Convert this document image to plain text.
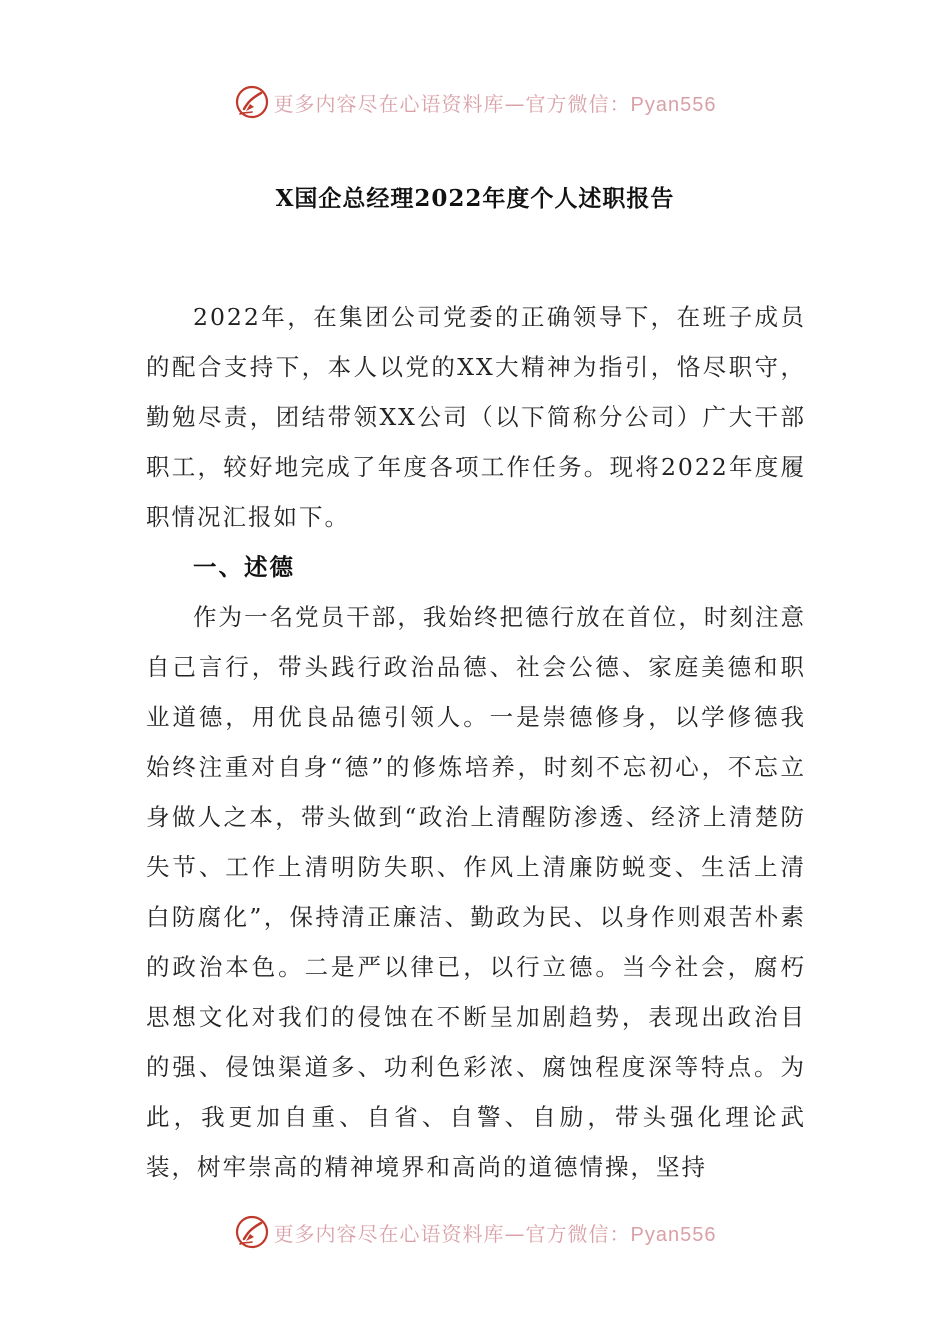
更多内容尽在心语资料库—官方微信：Pyan556
X国企总经理2022年度个人述职报告

2022年，在集团公司党委的正确领导下，在班子成员的配合支持下，本人以党的XX大精神为指引，恪尽职守，勤勉尽责，团结带领XX公司（以下简称分公司）广大干部职工，较好地完成了年度各项工作任务。现将2022年度履职情况汇报如下。

一、述德

作为一名党员干部，我始终把德行放在首位，时刻注意自己言行，带头践行政治品德、社会公德、家庭美德和职业道德，用优良品德引领人。一是崇德修身，以学修德我始终注重对自身“德”的修炼培养，时刻不忘初心，不忘立身做人之本，带头做到“政治上清醒防渗透、经济上清楚防失节、工作上清明防失职、作风上清廉防蜕变、生活上清白防腐化”，保持清正廉洁、勤政为民、以身作则艰苦朴素的政治本色。二是严以律已，以行立德。当今社会，腐朽思想文化对我们的侵蚀在不断呈加剧趋势，表现出政治目的强、侵蚀渠道多、功利色彩浓、腐蚀程度深等特点。为此，我更加自重、自省、自警、自励，带头强化理论武装，树牢崇高的精神境界和高尚的道德情操，坚持

更多内容尽在心语资料库—官方微信：Pyan556
